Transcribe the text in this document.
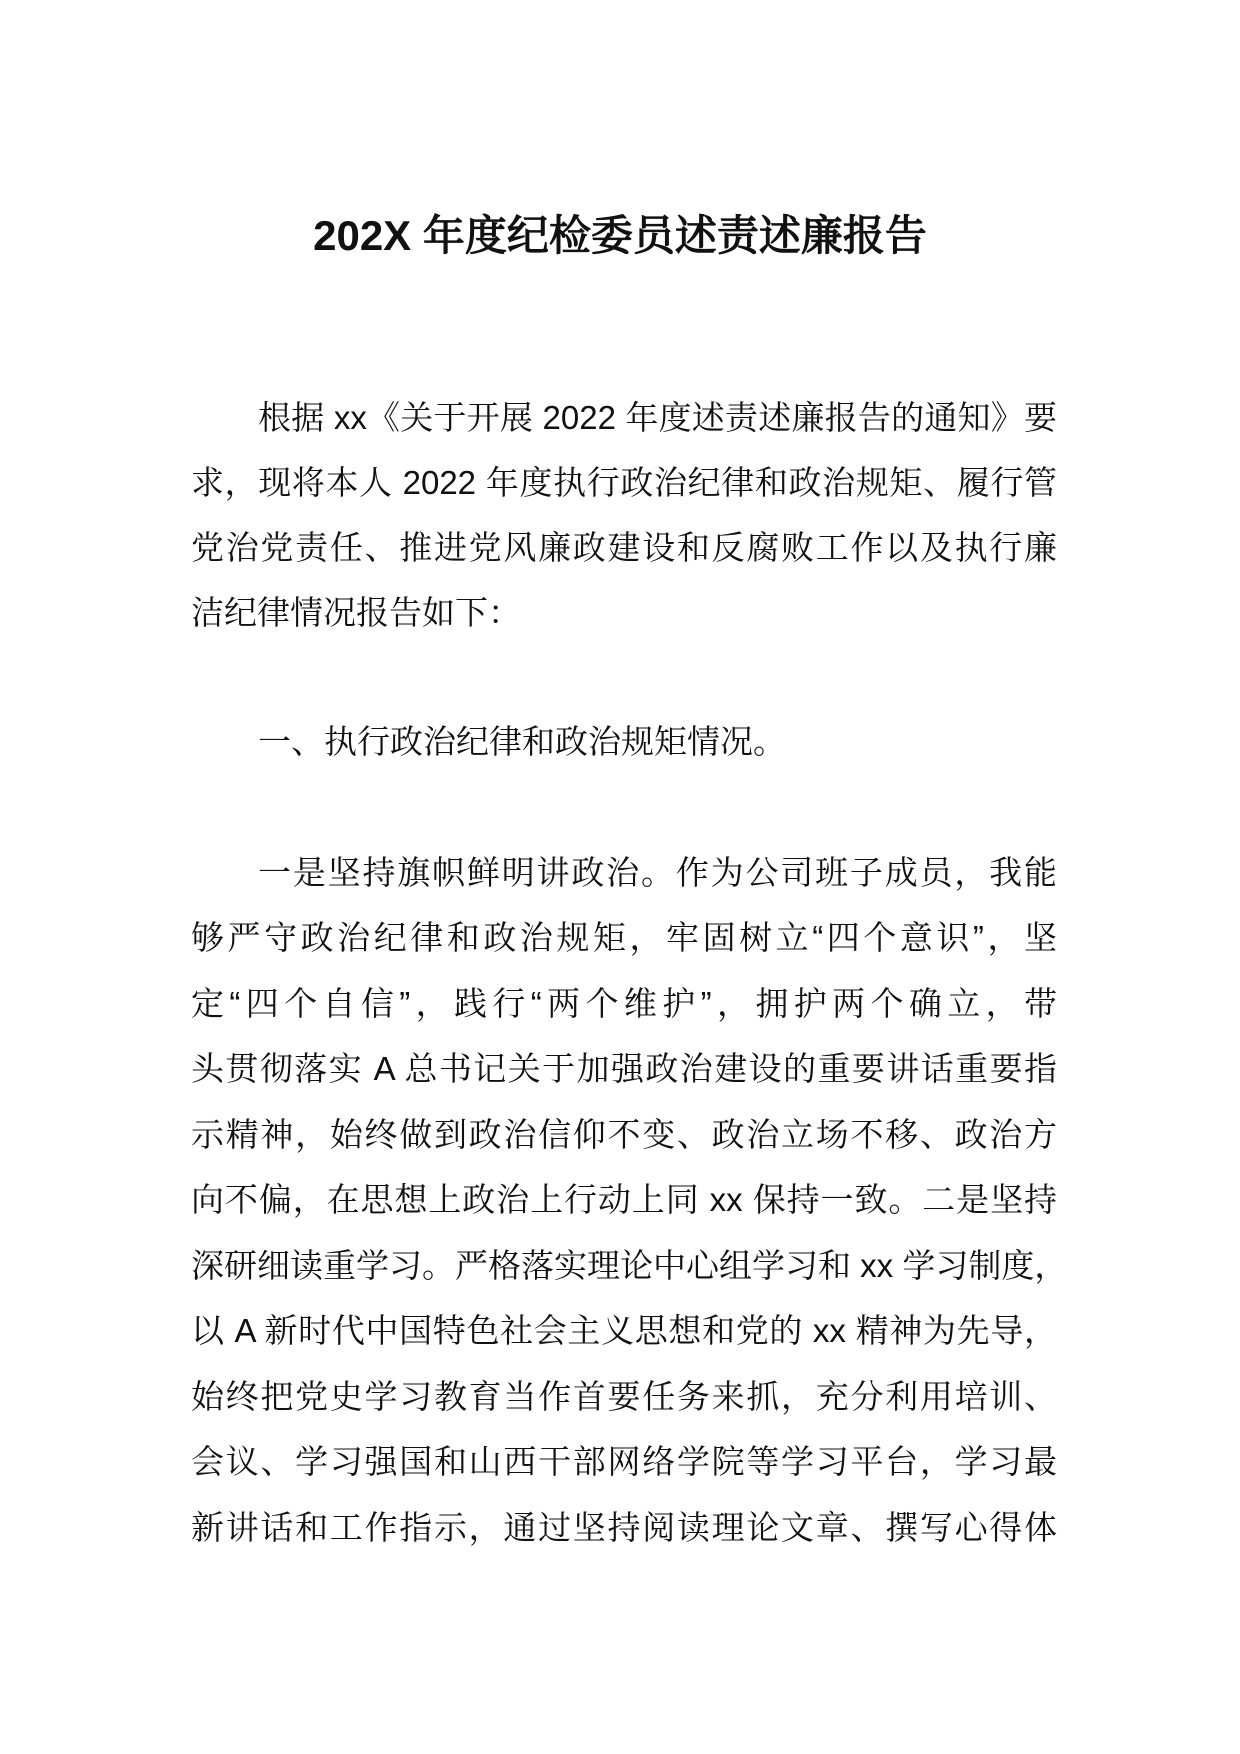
202X 年度纪检委员述责述廉报告
根据 xx《关于开展 2022 年度述责述廉报告的通知》要
求，现将本人 2022 年度执行政治纪律和政治规矩、履行管
党治党责任、推进党风廉政建设和反腐败工作以及执行廉
洁纪律情况报告如下：
一、执行政治纪律和政治规矩情况。
一是坚持旗帜鲜明讲政治。作为公司班子成员，我能
够严守政治纪律和政治规矩，牢固树立“四个意识”，坚
定“四个自信”，践行“两个维护”，拥护两个确立，带
头贯彻落实 A 总书记关于加强政治建设的重要讲话重要指
示精神，始终做到政治信仰不变、政治立场不移、政治方
向不偏，在思想上政治上行动上同 xx 保持一致。二是坚持
深研细读重学习。严格落实理论中心组学习和 xx 学习制度，
以 A 新时代中国特色社会主义思想和党的 xx 精神为先导，
始终把党史学习教育当作首要任务来抓，充分利用培训、
会议、学习强国和山西干部网络学院等学习平台，学习最
新讲话和工作指示，通过坚持阅读理论文章、撰写心得体
